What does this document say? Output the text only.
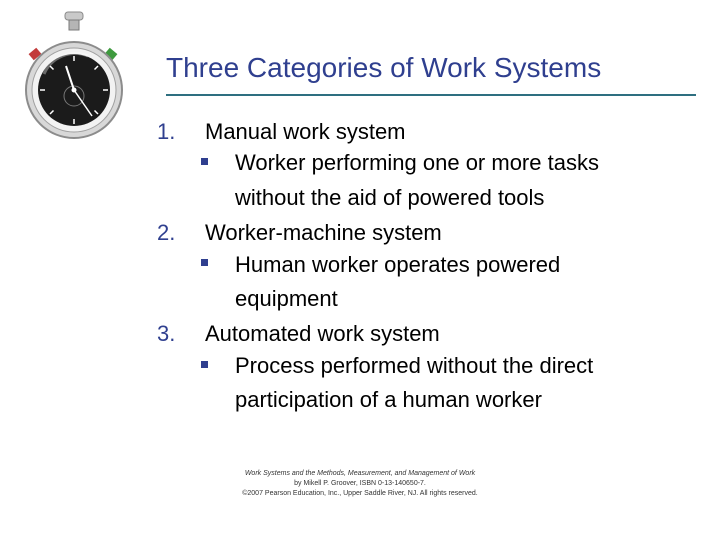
Three Categories of Work Systems
1. Manual work system
Worker performing one or more tasks
without the aid of powered tools
2. Worker-machine system
Human worker operates powered
equipment
3. Automated work system
Process performed without the direct
participation of a human worker
Work Systems and the Methods, Measurement, and Management of Work
by Mikell P. Groover, ISBN 0-13-140650-7.
©2007 Pearson Education, Inc., Upper Saddle River, NJ. All rights reserved.
